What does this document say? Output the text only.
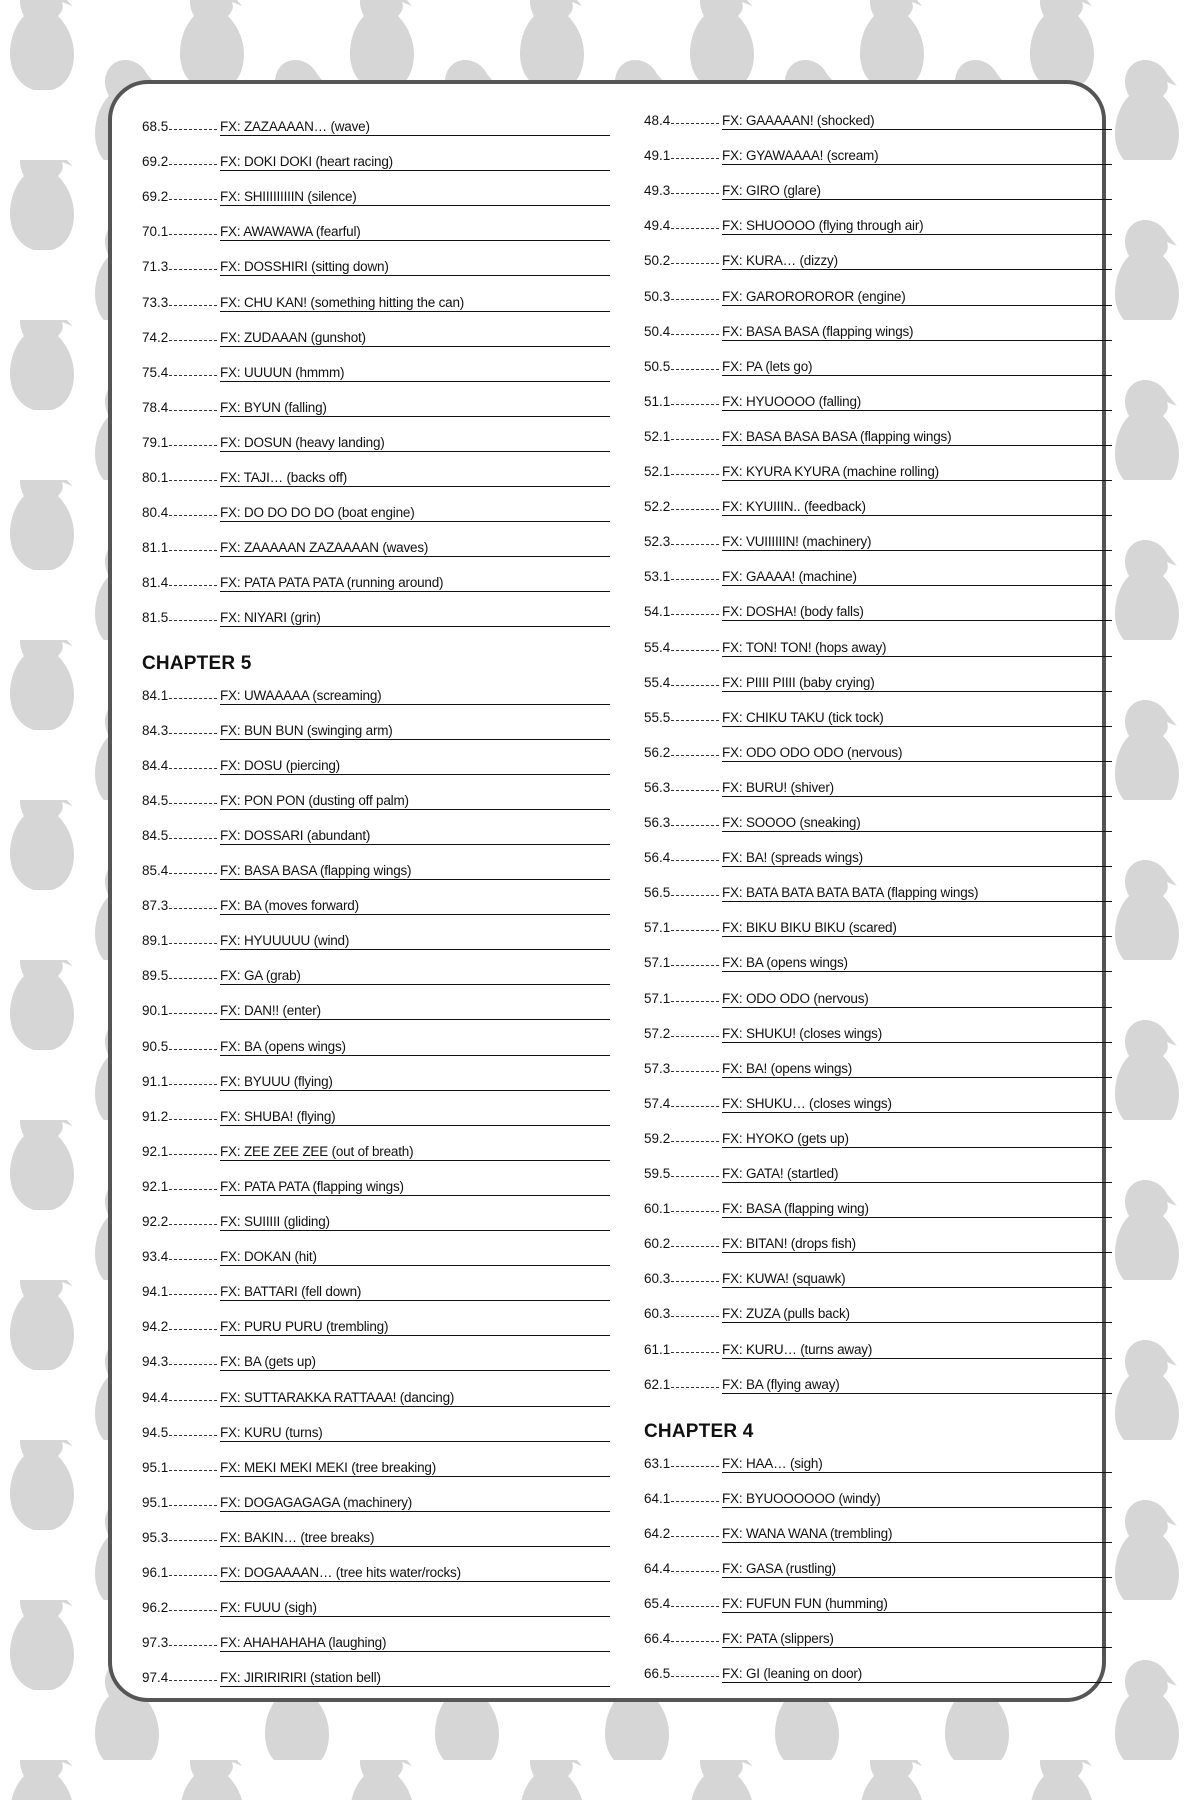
68.5	FX: ZAZAAAAN… (wave)
69.2	FX: DOKI DOKI (heart racing)
69.2	FX: SHIIIIIIIIIN (silence)
70.1	FX: AWAWAWA (fearful)
71.3	FX: DOSSHIRI (sitting down)
73.3	FX: CHU KAN! (something hitting the can)
74.2	FX: ZUDAAAN (gunshot)
75.4	FX: UUUUN (hmmm)
78.4	FX: BYUN (falling)
79.1	FX: DOSUN (heavy landing)
80.1	FX: TAJI… (backs off)
80.4	FX: DO DO DO DO (boat engine)
81.1	FX: ZAAAAAN ZAZAAAAN (waves)
81.4	FX: PATA PATA PATA (running around)
81.5	FX: NIYARI (grin)
CHAPTER 5
84.1	FX: UWAAAAA (screaming)
84.3	FX: BUN BUN (swinging arm)
84.4	FX: DOSU (piercing)
84.5	FX: PON PON (dusting off palm)
84.5	FX: DOSSARI (abundant)
85.4	FX: BASA BASA (flapping wings)
87.3	FX: BA (moves forward)
89.1	FX: HYUUUUU (wind)
89.5	FX: GA (grab)
90.1	FX: DAN!! (enter)
90.5	FX: BA (opens wings)
91.1	FX: BYUUU (flying)
91.2	FX: SHUBA! (flying)
92.1	FX: ZEE ZEE ZEE (out of breath)
92.1	FX: PATA PATA (flapping wings)
92.2	FX: SUIIIII (gliding)
93.4	FX: DOKAN (hit)
94.1	FX: BATTARI (fell down)
94.2	FX: PURU PURU (trembling)
94.3	FX: BA (gets up)
94.4	FX: SUTTARAKKA RATTAAA! (dancing)
94.5	FX: KURU (turns)
95.1	FX: MEKI MEKI MEKI (tree breaking)
95.1	FX: DOGAGAGAGA (machinery)
95.3	FX: BAKIN… (tree breaks)
96.1	FX: DOGAAAAN… (tree hits water/rocks)
96.2	FX: FUUU (sigh)
97.3	FX: AHAHAHAHA (laughing)
97.4	FX: JIRIRIRIRI (station bell)
48.4	FX: GAAAAAN! (shocked)
49.1	FX: GYAWAAAA! (scream)
49.3	FX: GIRO (glare)
49.4	FX: SHUOOOO (flying through air)
50.2	FX: KURA… (dizzy)
50.3	FX: GAROROROROR (engine)
50.4	FX: BASA BASA (flapping wings)
50.5	FX: PA (lets go)
51.1	FX: HYUOOOO (falling)
52.1	FX: BASA BASA BASA (flapping wings)
52.1	FX: KYURA KYURA (machine rolling)
52.2	FX: KYUIIIN.. (feedback)
52.3	FX: VUIIIIIIN! (machinery)
53.1	FX: GAAAA! (machine)
54.1	FX: DOSHA! (body falls)
55.4	FX: TON! TON! (hops away)
55.4	FX: PIIII PIIII (baby crying)
55.5	FX: CHIKU TAKU (tick tock)
56.2	FX: ODO ODO ODO (nervous)
56.3	FX: BURU! (shiver)
56.3	FX: SOOOO (sneaking)
56.4	FX: BA! (spreads wings)
56.5	FX: BATA BATA BATA BATA (flapping wings)
57.1	FX: BIKU BIKU BIKU (scared)
57.1	FX: BA (opens wings)
57.1	FX: ODO ODO (nervous)
57.2	FX: SHUKU! (closes wings)
57.3	FX: BA! (opens wings)
57.4	FX: SHUKU… (closes wings)
59.2	FX: HYOKO (gets up)
59.5	FX: GATA! (startled)
60.1	FX: BASA (flapping wing)
60.2	FX: BITAN! (drops fish)
60.3	FX: KUWA! (squawk)
60.3	FX: ZUZA (pulls back)
61.1	FX: KURU… (turns away)
62.1	FX: BA (flying away)
CHAPTER 4
63.1	FX: HAA… (sigh)
64.1	FX: BYUOOOOOO (windy)
64.2	FX: WANA WANA (trembling)
64.4	FX: GASA (rustling)
65.4	FX: FUFUN FUN (humming)
66.4	FX: PATA (slippers)
66.5	FX: GI (leaning on door)
